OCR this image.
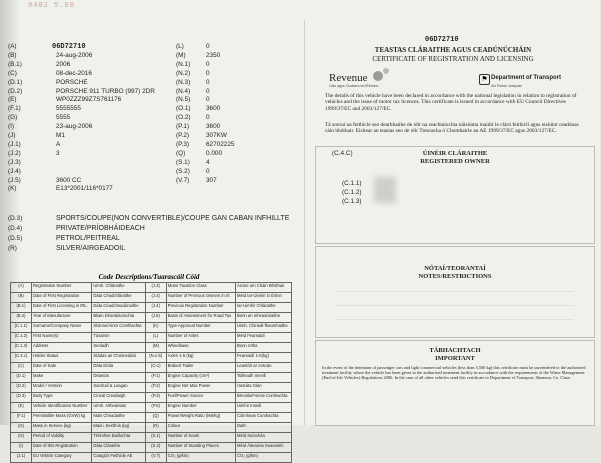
9402 5.00
06D72710
(A)
(B)	24-aug-2006
(B.1)	2006
(C)	08-dec-2016
(D.1)	PORSCHE
(D.2)	PORSCHE 911 TURBO (997) 2DR
(E)	WP0ZZZ99Z7S761176
(F.1)	5555555
(G)	5555
(I)	23-aug-2006
(J)	M1
(J.1)	A
(J.2)	3
(J.3)
(J.4)
(J.5)	3600 CC
(K)	E13*2001/116*0177
(L)	0
(M)	2350
(N.1) 0
(N.2) 0
(N.3) 0
(N.4) 0
(N.5) 0
(O.1) 3600
(O.2) 0
(P.1)	3600
(P.2)	307KW
(P.3)	62702225
(Q)	0.000
(S.1)	4
(S.2)	0
(V.7)	307
(D.3)	SPORTS/COUPE(NON CONVERTIBLE)/COUPE GAN CABAN INFHILLTE
(D.4)	PRIVATE/PRÍOBHÁIDEACH
(D.5)	PETROL/PEITREAL
(R)	SILVER/AIRGEADOIL
Code Descriptions/Tuarascáil Cóid
(A)	Registration Number	Uimh. Chláraithe	(J.3)	Motor Taxation Class	Aicme um Cháin Bhóthair
(B)	Date of First Registration	Dáta Céadchláraithe	(J.4)	Number of Previous Owners in Irl.	Méid Iar-Úinéirí in Éirinn
(B.1)	Date of First Licensing in IRL.	Dáta Céadcheadúnaithe	(J.4)	Previous Registration Number	Iar-Uimhir Chláraithe
(B.2)	Year of Manufacture	Bliain Déantúsaíochta	(J.5)	Basis of Assessment for Road Tax	Bonn an mheasúnaithe
(C.1.1)	Surname/Company Name	Sloinne/Ainm Comhlachta	(K)	Type-Approval Number	Uimh. Chineál-fhaomhaithe
(C.1.2)	First Name(s)	Túsainm	(L)	Number of Axles	Méid Fearsaidí
(C.1.3)	Address	Seoladh	(M)	Wheelbase	Bonn rotha
(C.4.c)	Holder Status	Stádas an Choimeádaí	(N.1-5)	Axles 1-5 (kg)	Fearsaidí 1-5(kg)
(C)	Date of Sale	Dáta Díola	(O.1)	Braked Trailer	Leantóir ar coscán
(D.1)	Make	Déantús	(P.1)	Engine Capacity (cm³)	Toilleadh Inneill
(D.2)	Model / Version	Samhail & Leagan	(P.2)	Engine Net Max Power	Uasráta Glan
(D.3)	Body Type	Cineál Creatlaigh	(P.3)	Fuel/Power Source	Breosla/Foinse Cumhachta
(E)	Vehicle Identification Number	Uimh. Aitheantais	(P.5)	Engine Number	Uimhir Inneill
(F.1)	Permissible Mass (GVW) kg	Mais Cheadaithe	(Q)	Power/Weight Ratio (kW/kg)	Cóimheas Cumhachta
(G)	Mass in Service (kg)	Mais i Seirbhís (kg)	(R)	Colour	Dath
(H)	Period of Validity	Tréimhse Bailíochta	(S.1)	Number of Seats	Méid Suíochán
(I)	Date of this Registration	Dáta Cláraithe	(S.2)	Number of Standing Places	Méid Áiteanna Seasaimh
(J.1)	EU Vehicle Category	Catagóir Feithicle AE	(V.7)	CO₂ (g/km)	CO₂ (g/km)
06D72710
TEASTAS CLÁRAITHE AGUS CEADÚNÚCHÁIN
CERTIFICATE OF REGISTRATION AND LICENSING
Revenue
Cáin agus Custaim na hÉireann
⚑ Department of Transport
An Roinn Iompair
The details of this vehicle have been declared in accordance with the national legislation in relation to registration of vehicles and the issue of motor tax licences. This certificate is issued in accordance with EU Council Directives 1999/37/EC and 2003/127/EC.
Tá sonraí na feithicle seo dearbhaithe de réir na reachtaíochta náisiúnta maidir le clárú feithiclí agus eisiúint ceadúnas cáin bhóthair. Eisítear an teastas seo de réir Treoracha ó Chomhairle an AE 1999/37/EC agus 2003/127/EC.
(C.4.C)	ÚINÉIR CLÁRAITHE
REGISTERED OWNER
(C.1.1)
(C.1.2)
(C.1.3)
NÓTAÍ/TEORANTAÍ
NOTES/RESTRICTIONS
TÁBHACHTACH
IMPORTANT
In the event of the detention of passenger cars and light commercial vehicles (less than 3,500 kg) this certificate must be surrendered to the authorised treatment facility where the vehicle has been given to the authorised treatment facility in accordance with the requirements of the Waste Management (End-of-life Vehicles) Regulations 2006. In the case of all other vehicles send this certificate to Department of Transport, Shannon, Co. Clare.
